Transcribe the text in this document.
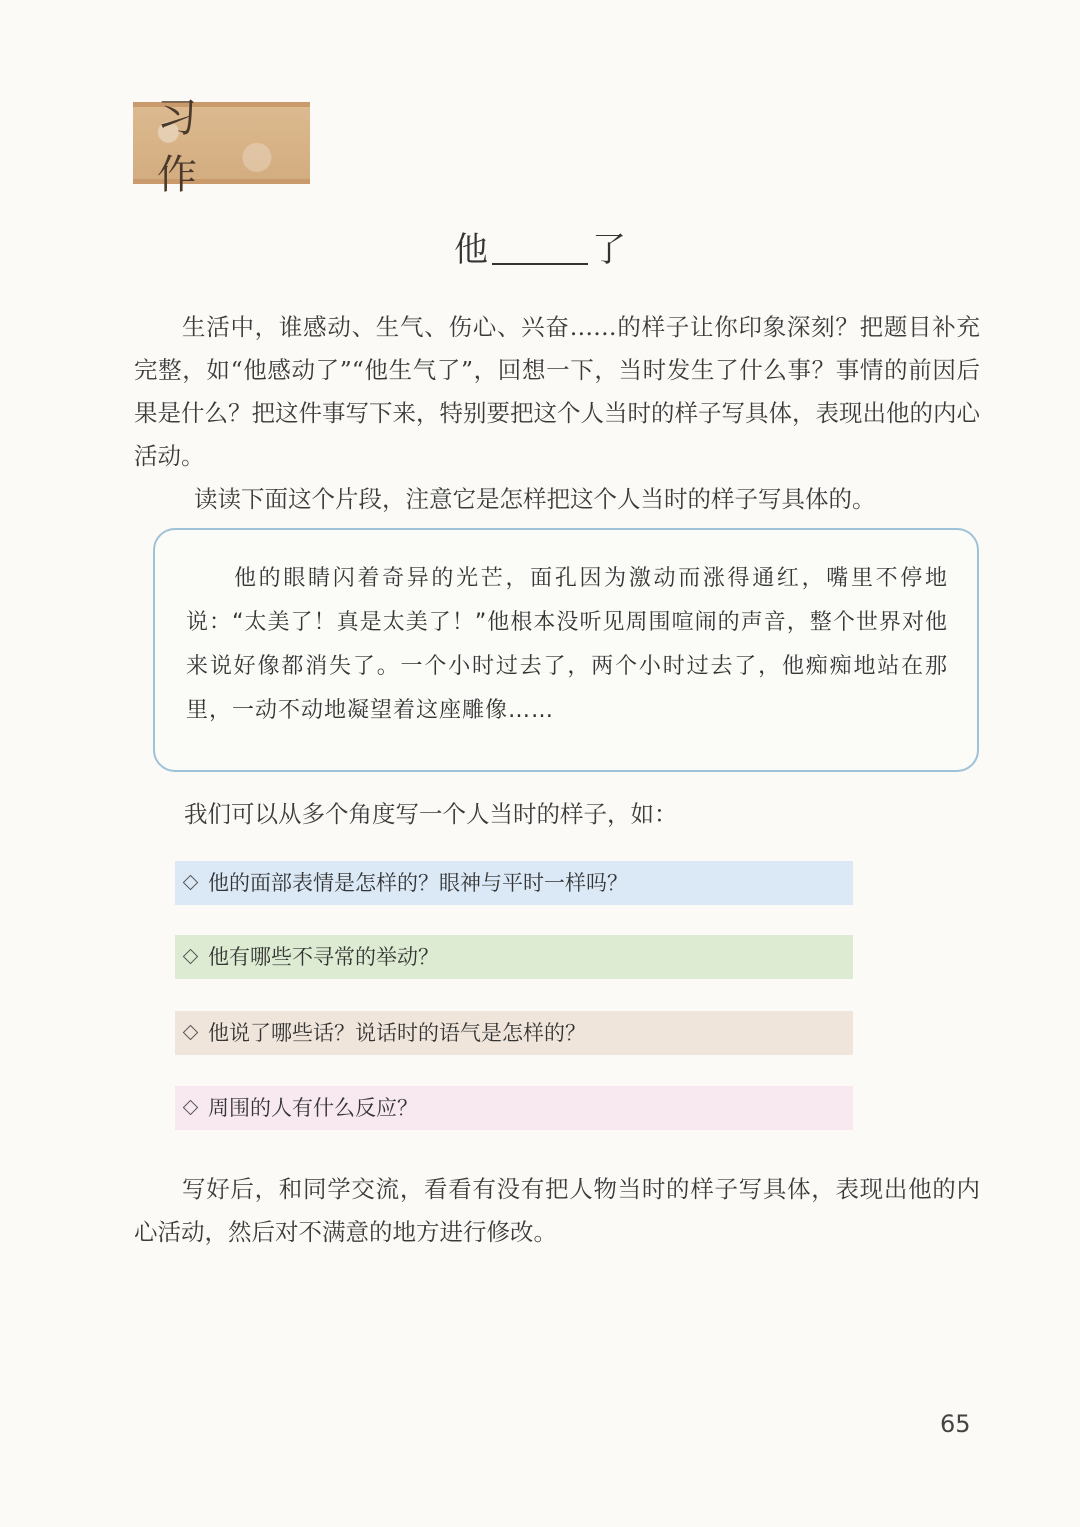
习 作
他	了
生活中，谁感动、生气、伤心、兴奋……的样子让你印象深刻？把题目补充完整，如“他感动了”“他生气了”，回想一下，当时发生了什么事？事情的前因后果是什么？把这件事写下来，特别要把这个人当时的样子写具体，表现出他的内心活动。
读读下面这个片段，注意它是怎样把这个人当时的样子写具体的。
他的眼睛闪着奇异的光芒，面孔因为激动而涨得通红，嘴里不停地说：“太美了！真是太美了！”他根本没听见周围喧闹的声音，整个世界对他来说好像都消失了。一个小时过去了，两个小时过去了，他痴痴地站在那里，一动不动地凝望着这座雕像……
我们可以从多个角度写一个人当时的样子，如：
他的面部表情是怎样的？眼神与平时一样吗？
他有哪些不寻常的举动？
他说了哪些话？说话时的语气是怎样的？
周围的人有什么反应？
写好后，和同学交流，看看有没有把人物当时的样子写具体，表现出他的内心活动，然后对不满意的地方进行修改。
65
